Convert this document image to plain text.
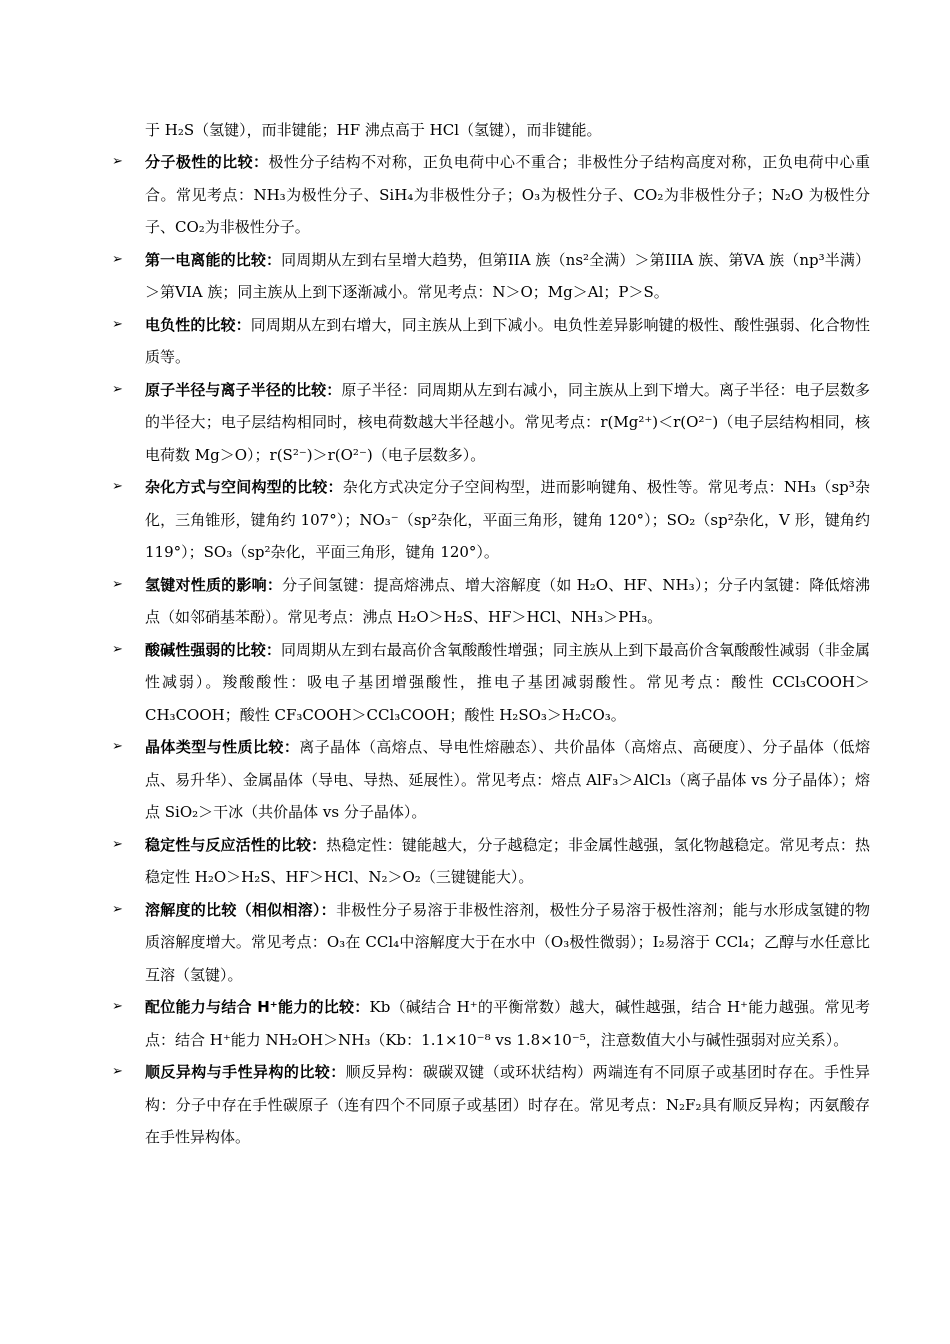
于 H₂S（氢键），而非键能；HF 沸点高于 HCl（氢键），而非键能。
➢ 分子极性的比较：极性分子结构不对称，正负电荷中心不重合；非极性分子结构高度对称，正负电荷中心重合。常见考点：NH₃为极性分子、SiH₄为非极性分子；O₃为极性分子、CO₂为非极性分子；N₂O 为极性分子、CO₂为非极性分子。
➢ 第一电离能的比较：同周期从左到右呈增大趋势，但第IIA 族（ns²全满）＞第IIIA 族、第VA 族（np³半满）＞第VIA 族；同主族从上到下逐渐减小。常见考点：N＞O；Mg＞Al；P＞S。
➢ 电负性的比较：同周期从左到右增大，同主族从上到下减小。电负性差异影响键的极性、酸性强弱、化合物性质等。
➢ 原子半径与离子半径的比较：原子半径：同周期从左到右减小，同主族从上到下增大。离子半径：电子层数多的半径大；电子层结构相同时，核电荷数越大半径越小。常见考点：r(Mg²⁺)＜r(O²⁻)（电子层结构相同，核电荷数 Mg＞O）；r(S²⁻)＞r(O²⁻)（电子层数多）。
➢ 杂化方式与空间构型的比较：杂化方式决定分子空间构型，进而影响键角、极性等。常见考点：NH₃（sp³杂化，三角锥形，键角约 107°）；NO₃⁻（sp²杂化，平面三角形，键角 120°）；SO₂（sp²杂化，V 形，键角约 119°）；SO₃（sp²杂化，平面三角形，键角 120°）。
➢ 氢键对性质的影响：分子间氢键：提高熔沸点、增大溶解度（如 H₂O、HF、NH₃）；分子内氢键：降低熔沸点（如邻硝基苯酚）。常见考点：沸点 H₂O＞H₂S、HF＞HCl、NH₃＞PH₃。
➢ 酸碱性强弱的比较：同周期从左到右最高价含氧酸酸性增强；同主族从上到下最高价含氧酸酸性减弱（非金属性减弱）。羧酸酸性：吸电子基团增强酸性，推电子基团减弱酸性。常见考点：酸性 CCl₃COOH＞CH₃COOH；酸性 CF₃COOH＞CCl₃COOH；酸性 H₂SO₃＞H₂CO₃。
➢ 晶体类型与性质比较：离子晶体（高熔点、导电性熔融态）、共价晶体（高熔点、高硬度）、分子晶体（低熔点、易升华）、金属晶体（导电、导热、延展性）。常见考点：熔点 AlF₃＞AlCl₃（离子晶体 vs 分子晶体）；熔点 SiO₂＞干冰（共价晶体 vs 分子晶体）。
➢ 稳定性与反应活性的比较：热稳定性：键能越大，分子越稳定；非金属性越强，氢化物越稳定。常见考点：热稳定性 H₂O＞H₂S、HF＞HCl、N₂＞O₂（三键键能大）。
➢ 溶解度的比较（相似相溶）：非极性分子易溶于非极性溶剂，极性分子易溶于极性溶剂；能与水形成氢键的物质溶解度增大。常见考点：O₃在 CCl₄中溶解度大于在水中（O₃极性微弱）；I₂易溶于 CCl₄；乙醇与水任意比互溶（氢键）。
➢ 配位能力与结合 H⁺能力的比较：Kb（碱结合 H⁺的平衡常数）越大，碱性越强，结合 H⁺能力越强。常见考点：结合 H⁺能力 NH₂OH＞NH₃（Kb：1.1×10⁻⁸ vs 1.8×10⁻⁵，注意数值大小与碱性强弱对应关系）。
➢ 顺反异构与手性异构的比较：顺反异构：碳碳双键（或环状结构）两端连有不同原子或基团时存在。手性异构：分子中存在手性碳原子（连有四个不同原子或基团）时存在。常见考点：N₂F₂具有顺反异构；丙氨酸存在手性异构体。
